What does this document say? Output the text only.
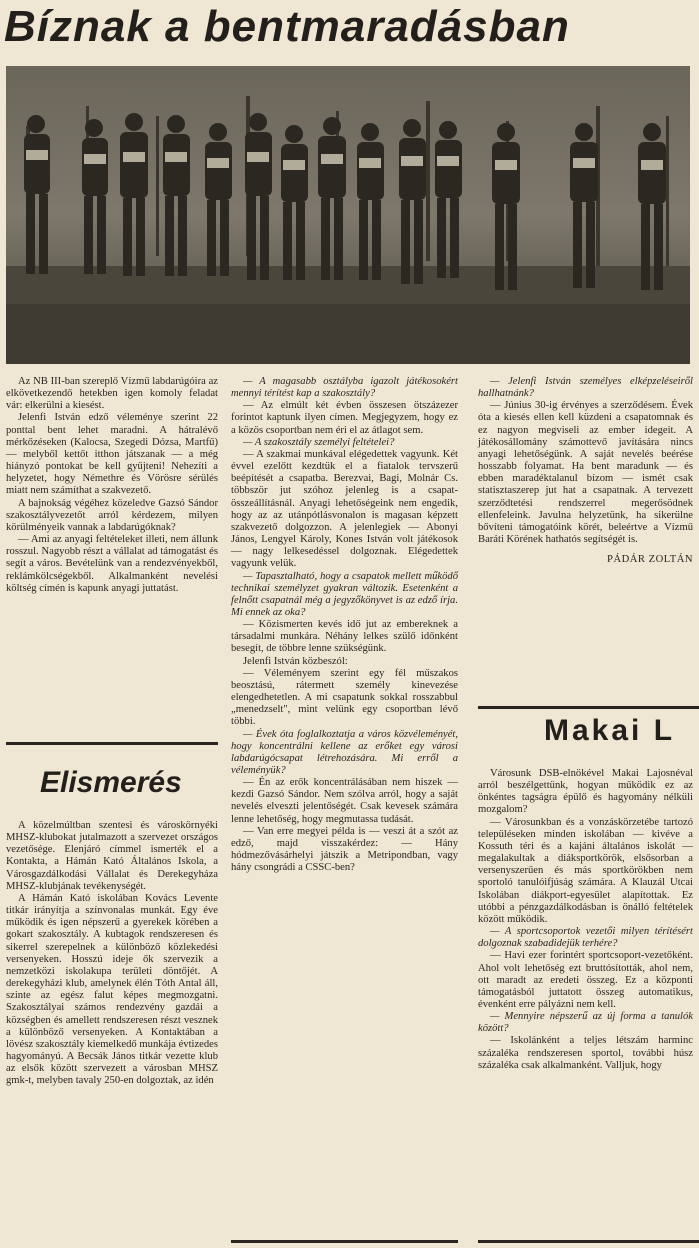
Bíznak a bentmaradásban

Az NB III-ban szereplő Vízmű labdarúgóira az elkövetkezendő hetekben igen komoly feladat vár: elkerülni a kiesést.

Jelenfi István edző véleménye szerint 22 ponttal bent lehet maradni. A hátralévő mérkőzéseken (Kalocsa, Szegedi Dózsa, Martfű) — melyből kettőt itthon játszanak — a még hiányzó pontokat be kell gyűjteni! Nehezíti a helyzetet, hogy Némethre és Vörösre sérülés miatt nem számíthat a szakvezető.

A bajnokság végéhez közeledve Gazsó Sándor szakosztályvezetőt arról kérdezem, milyen körülményeik vannak a labdarúgóknak?

— Ami az anyagi feltételeket illeti, nem állunk rosszul. Nagyobb részt a vállalat ad támogatást és segít a város. Bevételünk van a rendezvényekből, reklámkölcségekből. Alkalmanként nevelési költség címén is kapunk anyagi juttatást.

Elismerés

A közelmúltban szentesi és városkörnyéki MHSZ-klubokat jutalmazott a szervezet országos vezetősége. Elenjáró címmel ismerték el a Kontakta, a Hámán Kató Általános Iskola, a Városgazdálkodási Vállalat és Derekegyháza MHSZ-klubjának tevékenységét.

A Hámán Kató iskolában Kovács Levente titkár irányítja a színvonalas munkát. Egy éve működik és igen népszerű a gyerekek körében a gokart szakosztály. A kubtagok rendszeresen és sikerrel szerepelnek a különböző közlekedési versenyeken. Hosszú ideje ők szervezik a nemzetközi iskolakupa területi döntőjét. A derekegyházi klub, amelynek élén Tóth Antal áll, szinte az egész falut képes megmozgatni. Szakosztályai számos rendezvény gazdái a községben és amellett rendszeresen részt vesznek a különböző versenyeken. A Kontaktában a lövész szakosztály kiemelkedő munkája évtizedes hagyományú. A Becsák János titkár vezette klub az elsők között szervezett a városban MHSZ gmk-t, melyben tavaly 250-en dolgoztak, az idén

— A magasabb osztályba igazolt játékosokért mennyi térítést kap a szakosztály?

— Az elmúlt két évben összesen ötszázezer forintot kaptunk ilyen címen. Megjegyzem, hogy ez a közös csoportban nem éri el az átlagot sem.

— A szakosztály személyi feltételei?

— A szakmai munkával elégedettek vagyunk. Két évvel ezelőtt kezdtük el a fiatalok tervszerű beépítését a csapatba. Berezvai, Bagi, Molnár Cs. többször jut szóhoz jelenleg is a csapat-összeállításnál. Anyagi lehetőségeink nem engedik, hogy az az utánpótlásvonalon is magasan képzett szakvezető dolgozzon. A jelenlegiek — Abonyi János, Lengyel Károly, Kones István volt játékosok — nagy lelkesedéssel dolgoznak. Elégedettek vagyunk velük.

— Tapasztalható, hogy a csapatok mellett működő technikai személyzet gyakran változik. Esetenként a felnőtt csapatnál még a jegyzőkönyvet is az edző írja. Mi ennek az oka?

— Közismerten kevés idő jut az embereknek a társadalmi munkára. Néhány lelkes szülő időnként besegít, de többre lenne szükségünk.

Jelenfi István közbeszól:

— Véleményem szerint egy fél műszakos beosztású, rátermett személy kinevezése elengedhetetlen. A mi csapatunk sokkal rosszabbul „menedzselt", mint velünk egy csoportban lévő többi.

— Évek óta foglalkoztatja a város közvéleményét, hogy koncentrálni kellene az erőket egy városi labdarúgócsapat létrehozására. Mi erről a véleményük?

— Én az erők koncentrálásában nem hiszek — kezdi Gazsó Sándor. Nem szólva arról, hogy a saját nevelés elveszti jelentőségét. Csak kevesek számára lenne lehetőség, hogy megmutassa tudását.

— Van erre megyei példa is — veszi át a szót az edző, majd visszakérdez: — Hány hódmezővásárhelyi játszik a Metripondban, vagy hány csongrádi a CSSC-ben?

— Jelenfi István személyes elképzeléseiről hallhatnánk?

— Június 30-ig érvényes a szerződésem. Évek óta a kiesés ellen kell küzdeni a csapatomnak és ez nagyon megviseli az ember idegeit. A játékosállomány számottevő javítására nincs anyagi lehetőségünk. A saját nevelés beérése hosszabb folyamat. Ha bent maradunk — és ebben maradéktalanul bízom — ismét csak statisztaszerep jut hat a csapatnak. A tervezett szerződtetési rendszerrel megerősödnek ellenfeleink. Javulna helyzetünk, ha sikerülne bővíteni támogatóink körét, beleértve a Vízmű Baráti Körének hathatós segítségét is.

PÁDÁR ZOLTÁN

Makai L

Városunk DSB-elnökével Makai Lajosnéval arról beszélgettünk, hogyan működik ez az önkéntes tagságra épülő és hagyomány nélküli mozgalom?

— Városunkban és a vonzáskörzetébe tartozó településeken minden iskolában — kivéve a Kossuth téri és a kajáni általános iskolát — megalakultak a diáksportkörök, elsősorban a versenyszerűen és más sportkörökben nem sportoló tanulóifjúság számára. A Klauzál Utcai Iskolában diákport-egyesület alapítottak. Ez utóbbi a pénzgazdálkodásban is önálló feltételek között működik.

— A sportcsoportok vezetői milyen térítésért dolgoznak szabadidejük terhére?

— Havi ezer forintért sportcsoport-vezetőként. Ahol volt lehetőség ezt bruttósították, ahol nem, ott maradt az eredeti összeg. Ez a központi támogatásból juttatott összeg automatikus, évenként erre pályázni nem kell.

— Mennyire népszerű az új forma a tanulók között?

— Iskolánként a teljes létszám harminc százaléka rendszeresen sportol, további húsz százaléka csak alkalmanként. Valljuk, hogy
